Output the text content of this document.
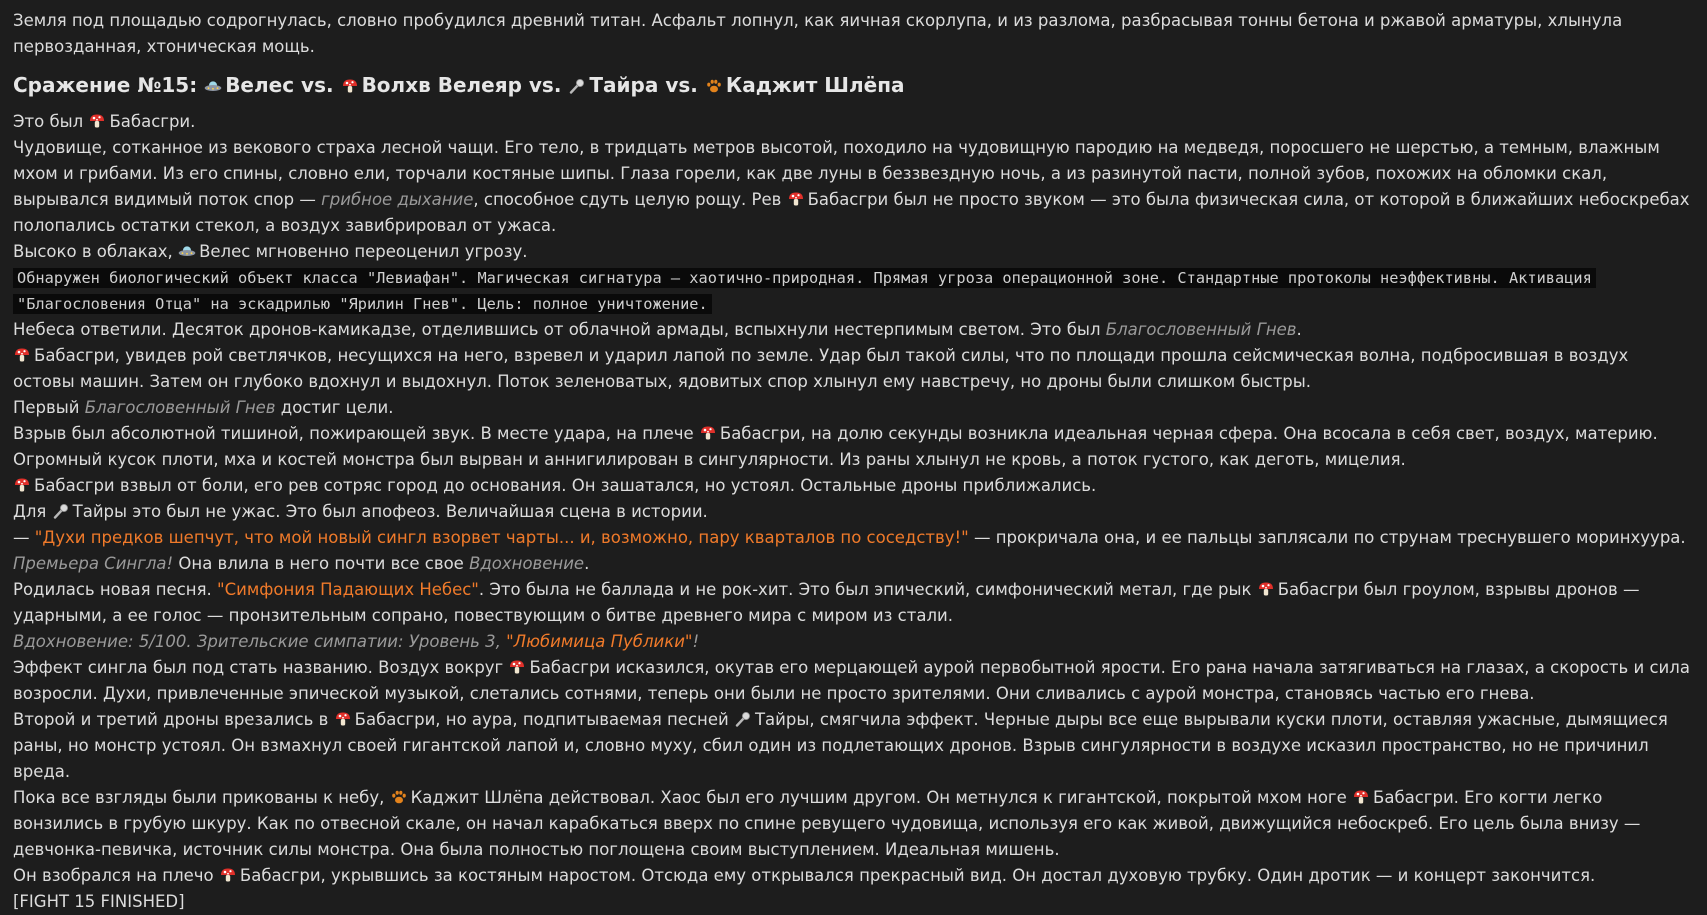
Земля под площадью содрогнулась, словно пробудился древний титан. Асфальт лопнул, как яичная скорлупа, и из разлома, разбрасывая тонны бетона и ржавой арматуры, хлынула первозданная, хтоническая мощь.

Сражение №15: Велес vs. Волхв Велеяр vs. Тайра vs. Каджит Шлёпа

Это был Бабасгри.

Чудовище, сотканное из векового страха лесной чащи. Его тело, в тридцать метров высотой, походило на чудовищную пародию на медведя, поросшего не шерстью, а темным, влажным мхом и грибами. Из его спины, словно ели, торчали костяные шипы. Глаза горели, как две луны в беззвездную ночь, а из разинутой пасти, полной зубов, похожих на обломки скал, вырывался видимый поток спор — грибное дыхание, способное сдуть целую рощу. Рев Бабасгри был не просто звуком — это была физическая сила, от которой в ближайших небоскребах полопались остатки стекол, а воздух завибрировал от ужаса.

Высоко в облаках, Велес мгновенно переоценил угрозу.

Обнаружен биологический объект класса "Левиафан". Магическая сигнатура — хаотично-природная. Прямая угроза операционной зоне. Стандартные протоколы неэффективны. Активация "Благословения Отца" на эскадрилью "Ярилин Гнев". Цель: полное уничтожение.

Небеса ответили. Десяток дронов-камикадзе, отделившись от облачной армады, вспыхнули нестерпимым светом. Это был Благословенный Гнев.

Бабасгри, увидев рой светлячков, несущихся на него, взревел и ударил лапой по земле. Удар был такой силы, что по площади прошла сейсмическая волна, подбросившая в воздух остовы машин. Затем он глубоко вдохнул и выдохнул. Поток зеленоватых, ядовитых спор хлынул ему навстречу, но дроны были слишком быстры.

Первый Благословенный Гнев достиг цели.

Взрыв был абсолютной тишиной, пожирающей звук. В месте удара, на плече Бабасгри, на долю секунды возникла идеальная черная сфера. Она всосала в себя свет, воздух, материю. Огромный кусок плоти, мха и костей монстра был вырван и аннигилирован в сингулярности. Из раны хлынул не кровь, а поток густого, как деготь, мицелия.

Бабасгри взвыл от боли, его рев сотряс город до основания. Он зашатался, но устоял. Остальные дроны приближались.

Для Тайры это был не ужас. Это был апофеоз. Величайшая сцена в истории.

— "Духи предков шепчут, что мой новый сингл взорвет чарты... и, возможно, пару кварталов по соседству!" — прокричала она, и ее пальцы заплясали по струнам треснувшего моринхуура.

Премьера Сингла! Она влила в него почти все свое Вдохновение.

Родилась новая песня. "Симфония Падающих Небес". Это была не баллада и не рок-хит. Это был эпический, симфонический метал, где рык Бабасгри был гроулом, взрывы дронов — ударными, а ее голос — пронзительным сопрано, повествующим о битве древнего мира с миром из стали.

Вдохновение: 5/100. Зрительские симпатии: Уровень 3, "Любимица Публики"!

Эффект сингла был под стать названию. Воздух вокруг Бабасгри исказился, окутав его мерцающей аурой первобытной ярости. Его рана начала затягиваться на глазах, а скорость и сила возросли. Духи, привлеченные эпической музыкой, слетались сотнями, теперь они были не просто зрителями. Они сливались с аурой монстра, становясь частью его гнева.

Второй и третий дроны врезались в Бабасгри, но аура, подпитываемая песней Тайры, смягчила эффект. Черные дыры все еще вырывали куски плоти, оставляя ужасные, дымящиеся раны, но монстр устоял. Он взмахнул своей гигантской лапой и, словно муху, сбил один из подлетающих дронов. Взрыв сингулярности в воздухе исказил пространство, но не причинил вреда.

Пока все взгляды были прикованы к небу, Каджит Шлёпа действовал. Хаос был его лучшим другом. Он метнулся к гигантской, покрытой мхом ноге Бабасгри. Его когти легко вонзились в грубую шкуру. Как по отвесной скале, он начал карабкаться вверх по спине ревущего чудовища, используя его как живой, движущийся небоскреб. Его цель была внизу — девчонка-певичка, источник силы монстра. Она была полностью поглощена своим выступлением. Идеальная мишень.

Он взобрался на плечо Бабасгри, укрывшись за костяным наростом. Отсюда ему открывался прекрасный вид. Он достал духовую трубку. Один дротик — и концерт закончится.

[FIGHT 15 FINISHED]
